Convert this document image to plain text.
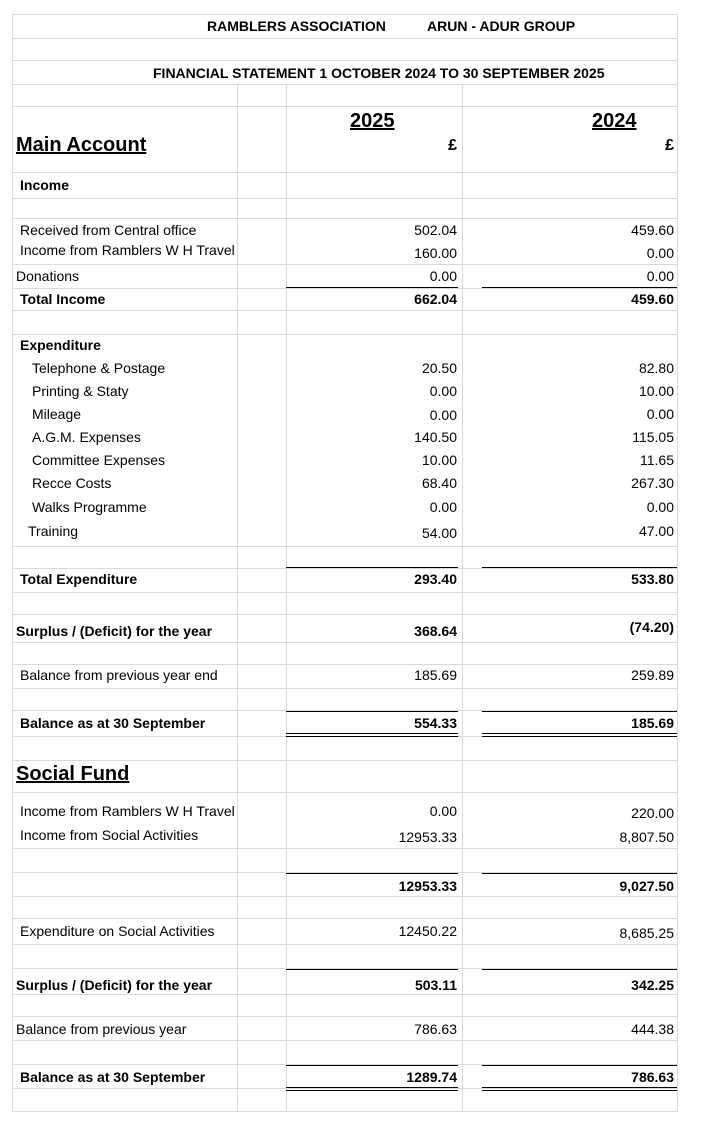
RAMBLERS ASSOCIATION	ARUN - ADUR GROUP
FINANCIAL STATEMENT 1 OCTOBER 2024 TO 30 SEPTEMBER 2025
2025	2024
£	£
Main Account
Income
Received from Central office	502.04	459.60
Income from Ramblers W H Travel	160.00	0.00
Donations	0.00	0.00
Total Income	662.04	459.60
Expenditure
Telephone & Postage	20.50	82.80
Printing & Staty	0.00	10.00
Mileage	0.00	0.00
A.G.M. Expenses	140.50	115.05
Committee Expenses	10.00	11.65
Recce Costs	68.40	267.30
Walks Programme	0.00	0.00
Training	54.00	47.00
Total Expenditure	293.40	533.80
Surplus / (Deficit) for the year	368.64	(74.20)
Balance from previous year end	185.69	259.89
Balance as at 30 September	554.33	185.69
Social Fund
Income from Ramblers W H Travel	0.00	220.00
Income from Social Activities	12953.33	8,807.50
12953.33	9,027.50
Expenditure on Social Activities	12450.22	8,685.25
Surplus / (Deficit) for the year	503.11	342.25
Balance from previous year	786.63	444.38
Balance as at 30 September	1289.74	786.63
